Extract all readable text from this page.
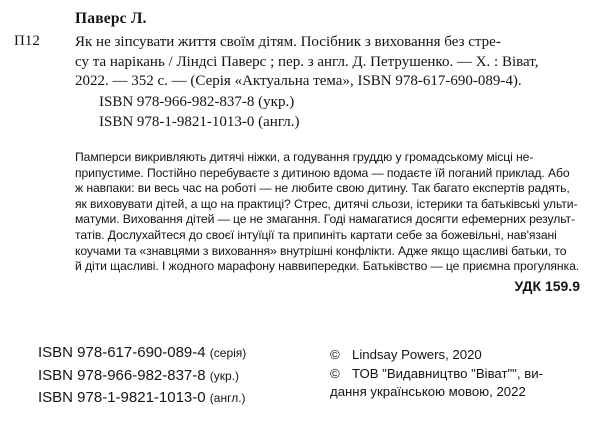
Паверс Л.
П12 Як не зіпсувати життя своїм дітям. Посібник з виховання без стре-
су та нарікань / Ліндсі Паверс ; пер. з англ. Д. Петрушенко. — Х. : Віват,
2022. — 352 с. — (Серія «Актуальна тема», ISBN 978-617-690-089-4).
ISBN 978-966-982-837-8 (укр.)
ISBN 978-1-9821-1013-0 (англ.)
Памперси викривляють дитячі ніжки, а годування груддю у громадському місці не-
припустиме. Постійно перебуваєте з дитиною вдома — подаєте їй поганий приклад. Або
ж навпаки: ви весь час на роботі — не любите свою дитину. Так багато експертів радять,
як виховувати дітей, а що на практиці? Стрес, дитячі сльози, істерики та батьківські ульти-
матуми. Виховання дітей — це не змагання. Годі намагатися досягти ефемерних результ-
татів. Дослухайтеся до своєї інтуїції та припиніть картати себе за божевільні, нав'язані
коучами та «знавцями з виховання» внутрішні конфлікти. Адже якщо щасливі батьки, то
й діти щасливі. І жодного марафону наввипередки. Батьківство — це приємна прогулянка.
УДК 159.9
ISBN 978-617-690-089-4 (серія)
ISBN 978-966-982-837-8 (укр.)
ISBN 978-1-9821-1013-0 (англ.)
© Lindsay Powers, 2020
© ТОВ "Видавництво "Віват"", ви-
дання українською мовою, 2022
